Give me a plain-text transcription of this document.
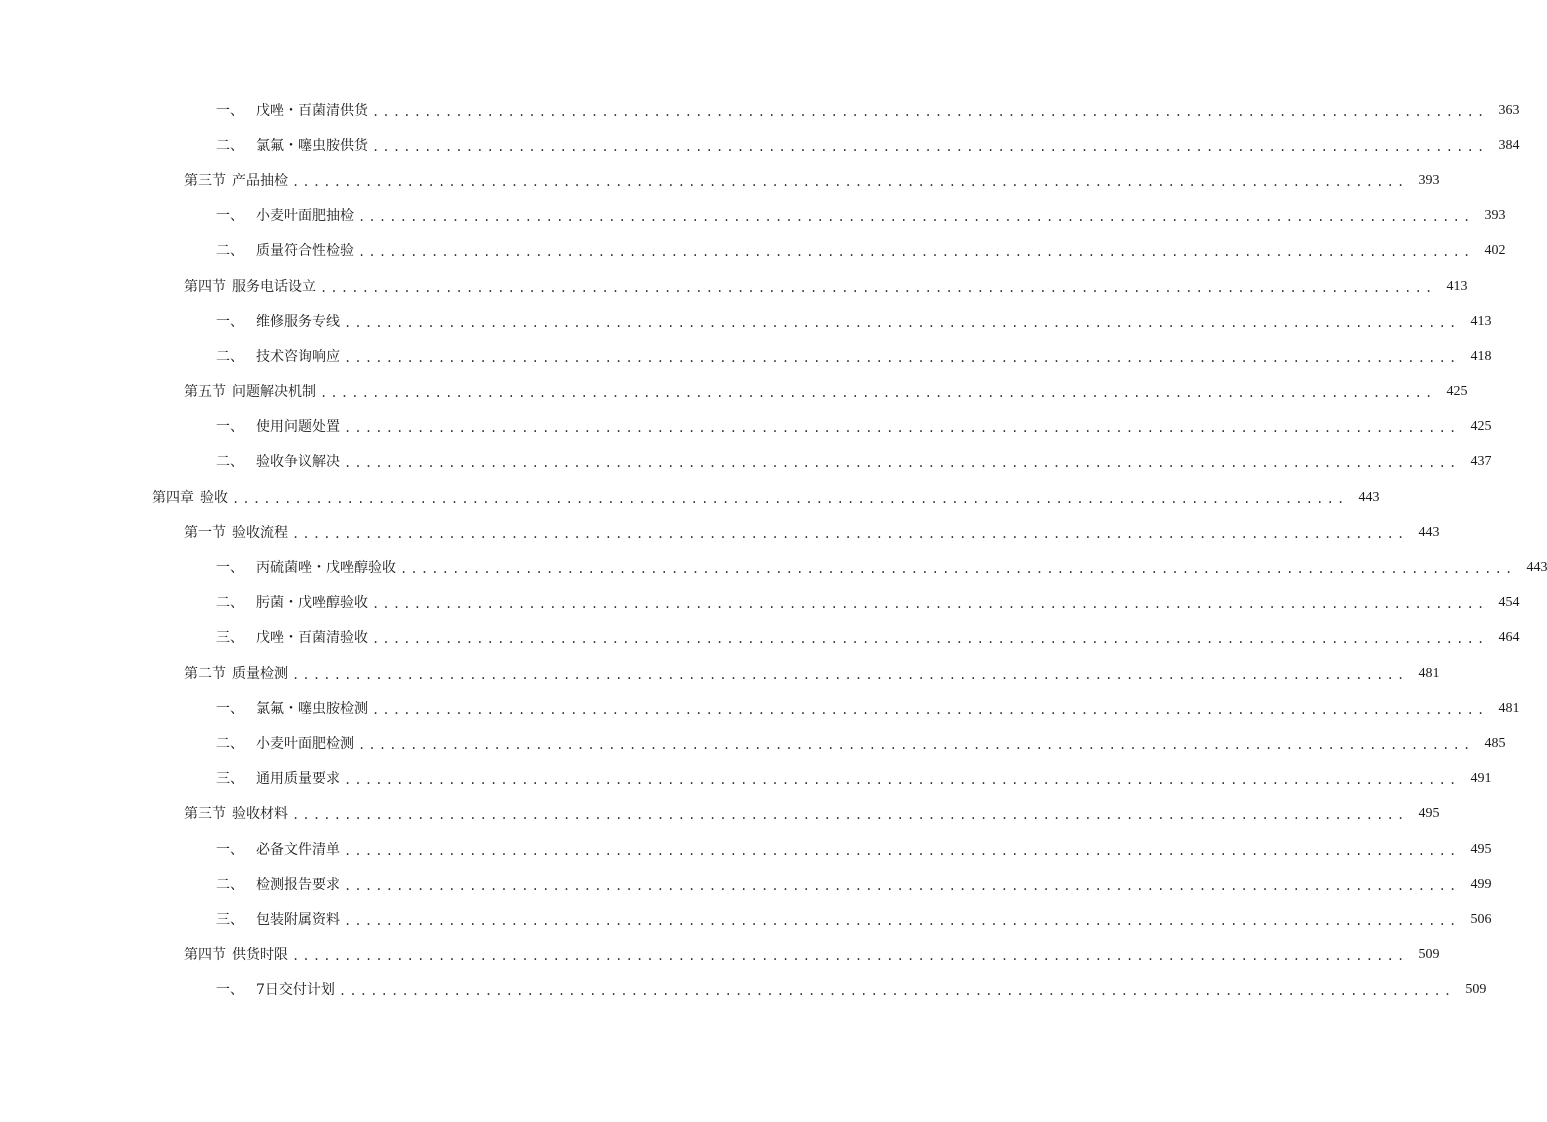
一、 戊唑・百菌清供货 ........................................................................................................... 363
二、 氯氟・噻虫胺供货 ........................................................................................................... 384
第三节 产品抽检 ........................................................................................................... 393
一、 小麦叶面肥抽检 ........................................................................................................... 393
二、 质量符合性检验 ........................................................................................................... 402
第四节 服务电话设立 ........................................................................................................... 413
一、 维修服务专线 ........................................................................................................... 413
二、 技术咨询响应 ........................................................................................................... 418
第五节 问题解决机制 ........................................................................................................... 425
一、 使用问题处置 ........................................................................................................... 425
二、 验收争议解决 ........................................................................................................... 437
第四章 验收 ........................................................................................................... 443
第一节 验收流程 ........................................................................................................... 443
一、 丙硫菌唑・戊唑醇验收 ........................................................................................................... 443
二、 肟菌・戊唑醇验收 ........................................................................................................... 454
三、 戊唑・百菌清验收 ........................................................................................................... 464
第二节 质量检测 ........................................................................................................... 481
一、 氯氟・噻虫胺检测 ........................................................................................................... 481
二、 小麦叶面肥检测 ........................................................................................................... 485
三、 通用质量要求 ........................................................................................................... 491
第三节 验收材料 ........................................................................................................... 495
一、 必备文件清单 ........................................................................................................... 495
二、 检测报告要求 ........................................................................................................... 499
三、 包装附属资料 ........................................................................................................... 506
第四节 供货时限 ........................................................................................................... 509
一、 7日交付计划 ........................................................................................................... 509
